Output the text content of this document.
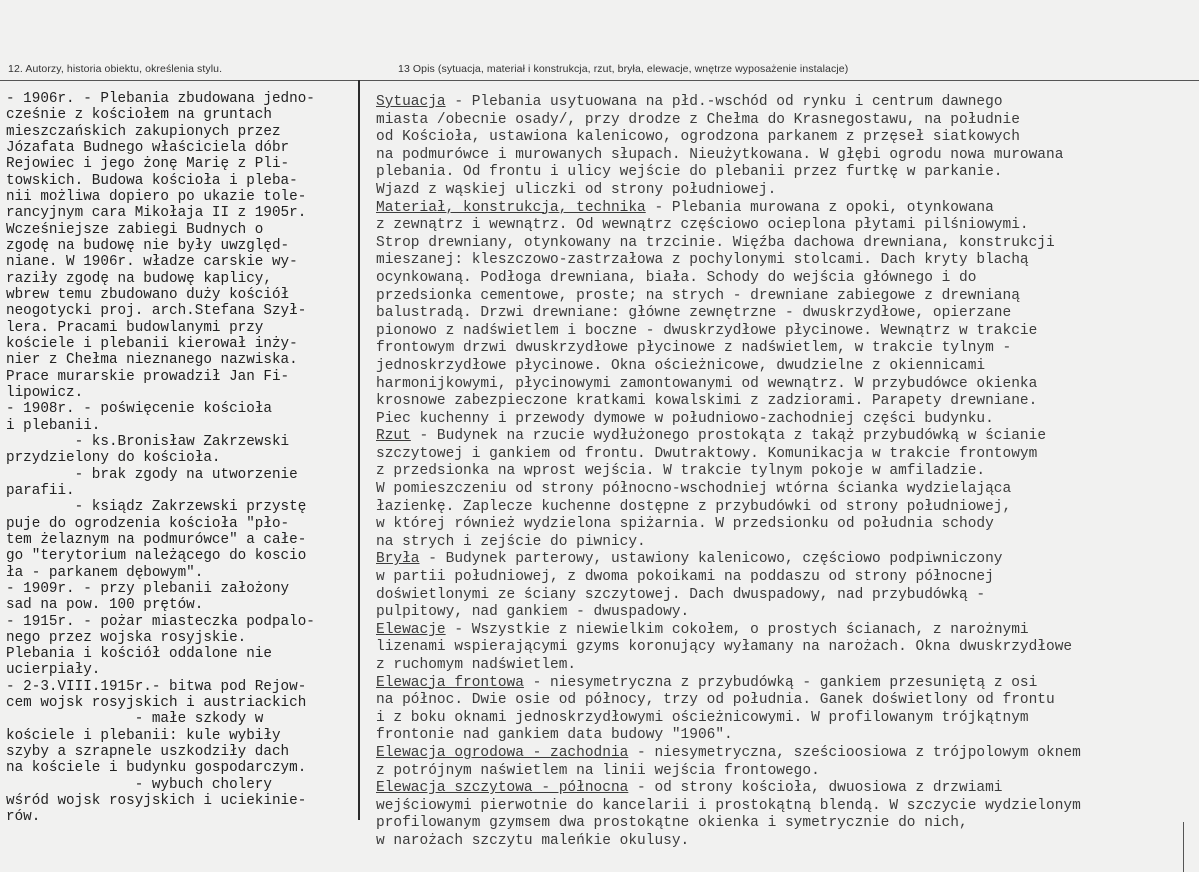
12. Autorzy, historia obiektu, określenia stylu.	13 Opis (sytuacja, materiał i konstrukcja, rzut, bryła, elewacje, wnętrze wyposażenie instalacje)
- 1906r. - Plebania zbudowana jedno-
cześnie z kościołem na gruntach
mieszczańskich zakupionych przez
Józafata Budnego właściciela dóbr
Rejowiec i jego żonę Marię z Pli-
towskich. Budowa kościoła i pleba-
nii możliwa dopiero po ukazie tole-
rancyjnym cara Mikołaja II z 1905r.
Wcześniejsze zabiegi Budnych o
zgodę na budowę nie były uwzględ-
niane. W 1906r. władze carskie wy-
raziły zgodę na budowę kaplicy,
wbrew temu zbudowano duży kościół
neogotycki proj. arch.Stefana Szył-
lera. Pracami budowlanymi przy
kościele i plebanii kierował inży-
nier z Chełma nieznanego nazwiska.
Prace murarskie prowadził Jan Fi-
lipowicz.
- 1908r. - poświęcenie kościoła
i plebanii.
- ks.Bronisław Zakrzewski
przydzielony do kościoła.
- brak zgody na utworzenie
parafii.
- ksiądz Zakrzewski przystę
puje do ogrodzenia kościoła "pło-
tem żelaznym na podmurówce" a całe-
go "terytorium należącego do koscio
ła - parkanem dębowym".
- 1909r. - przy plebanii założony
sad na pow. 100 prętów.
- 1915r. - pożar miasteczka podpalo-
nego przez wojska rosyjskie.
Plebania i kościół oddalone nie
ucierpiały.
- 2-3.VIII.1915r.- bitwa pod Rejow-
cem wojsk rosyjskich i austriackich
- małe szkody w
kościele i plebanii: kule wybiły
szyby a szrapnele uszkodziły dach
na kościele i budynku gospodarczym.
- wybuch cholery
wśród wojsk rosyjskich i uciekinie-
rów.
Sytuacja - Plebania usytuowana na płd.-wschód od rynku i centrum dawnego
miasta /obecnie osady/, przy drodze z Chełma do Krasnegostawu, na południe
od Kościoła, ustawiona kalenicowo, ogrodzona parkanem z przęseł siatkowych
na podmurówce i murowanych słupach. Nieużytkowana. W głębi ogrodu nowa murowana
plebania. Od frontu i ulicy wejście do plebanii przez furtkę w parkanie.
Wjazd z wąskiej uliczki od strony południowej.
Materiał, konstrukcja, technika - Plebania murowana z opoki, otynkowana
z zewnątrz i wewnątrz. Od wewnątrz częściowo ocieplona płytami pilśniowymi.
Strop drewniany, otynkowany na trzcinie. Więźba dachowa drewniana, konstrukcji
mieszanej: kleszczowo-zastrzałowa z pochylonymi stolcami. Dach kryty blachą
ocynkowaną. Podłoga drewniana, biała. Schody do wejścia głównego i do
przedsionka cementowe, proste; na strych - drewniane zabiegowe z drewnianą
balustradą. Drzwi drewniane: główne zewnętrzne - dwuskrzydłowe, opierzane
pionowo z nadświetlem i boczne - dwuskrzydłowe płycinowe. Wewnątrz w trakcie
frontowym drzwi dwuskrzydłowe płycinowe z nadświetlem, w trakcie tylnym -
jednoskrzydłowe płycinowe. Okna ościeżnicowe, dwudzielne z okiennicami
harmonijkowymi, płycinowymi zamontowanymi od wewnątrz. W przybudówce okienka
krosnowe zabezpieczone kratkami kowalskimi z zadziorami. Parapety drewniane.
Piec kuchenny i przewody dymowe w południowo-zachodniej części budynku.
Rzut - Budynek na rzucie wydłużonego prostokąta z takąż przybudówką w ścianie
szczytowej i gankiem od frontu. Dwutraktowy. Komunikacja w trakcie frontowym
z przedsionka na wprost wejścia. W trakcie tylnym pokoje w amfiladzie.
W pomieszczeniu od strony północno-wschodniej wtórna ścianka wydzielająca
łazienkę. Zaplecze kuchenne dostępne z przybudówki od strony południowej,
w której również wydzielona spiżarnia. W przedsionku od południa schody
na strych i zejście do piwnicy.
Bryła - Budynek parterowy, ustawiony kalenicowo, częściowo podpiwniczony
w partii południowej, z dwoma pokoikami na poddaszu od strony północnej
doświetlonymi ze ściany szczytowej. Dach dwuspadowy, nad przybudówką -
pulpitowy, nad gankiem - dwuspadowy.
Elewacje - Wszystkie z niewielkim cokołem, o prostych ścianach, z narożnymi
lizenami wspierającymi gzyms koronujący wyłamany na narożach. Okna dwuskrzydłowe
z ruchomym nadświetlem.
Elewacja frontowa - niesymetryczna z przybudówką - gankiem przesuniętą z osi
na północ. Dwie osie od północy, trzy od południa. Ganek doświetlony od frontu
i z boku oknami jednoskrzydłowymi ościeżnicowymi. W profilowanym trójkątnym
frontonie nad gankiem data budowy "1906".
Elewacja ogrodowa - zachodnia - niesymetryczna, sześcioosiowa z trójpolowym oknem
z potrójnym naświetlem na linii wejścia frontowego.
Elewacja szczytowa - północna - od strony kościoła, dwuosiowa z drzwiami
wejściowymi pierwotnie do kancelarii i prostokątną blendą. W szczycie wydzielonym
profilowanym gzymsem dwa prostokątne okienka i symetrycznie do nich,
w narożach szczytu maleńkie okulusy.
